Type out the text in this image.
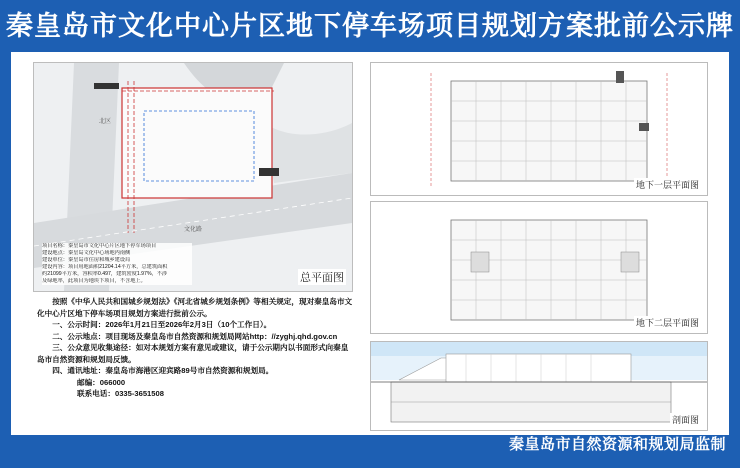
秦皇岛市文化中心片区地下停车场项目规划方案批前公示牌
文化路
北区
项目名称：秦皇岛市文化中心片区地下停车场项目
建设地点：秦皇岛文化中心场地内南侧
建设单位：秦皇岛市住房和城乡建设局
建设内容：项目用地面积21204.14平方米，总建筑面积
约21099平方米，容积率0.497，建筑密度1.97%，不涉
及绿地率，此项目为地块下项目，不含地上。	总平面图

按照《中华人民共和国城乡规划法》《河北省城乡规划条例》等相关规定，现对秦皇岛市文化中心片区地下停车场项目规划方案进行批前公示。

一、公示时间：2026年1月21日至2026年2月3日（10个工作日）。

二、公示地点：项目现场及秦皇岛市自然资源和规划局网站http：//zyghj.qhd.gov.cn

三、公众意见收集途径：如对本规划方案有意见或建议，请于公示期内以书面形式向秦皇岛市自然资源和规划局反馈。

四、通讯地址：秦皇岛市海港区迎宾路89号市自然资源和规划局。

邮编：066000

联系电话：0335-3651508

地下一层平面图
地下二层平面图
剖面图
秦皇岛市自然资源和规划局监制
